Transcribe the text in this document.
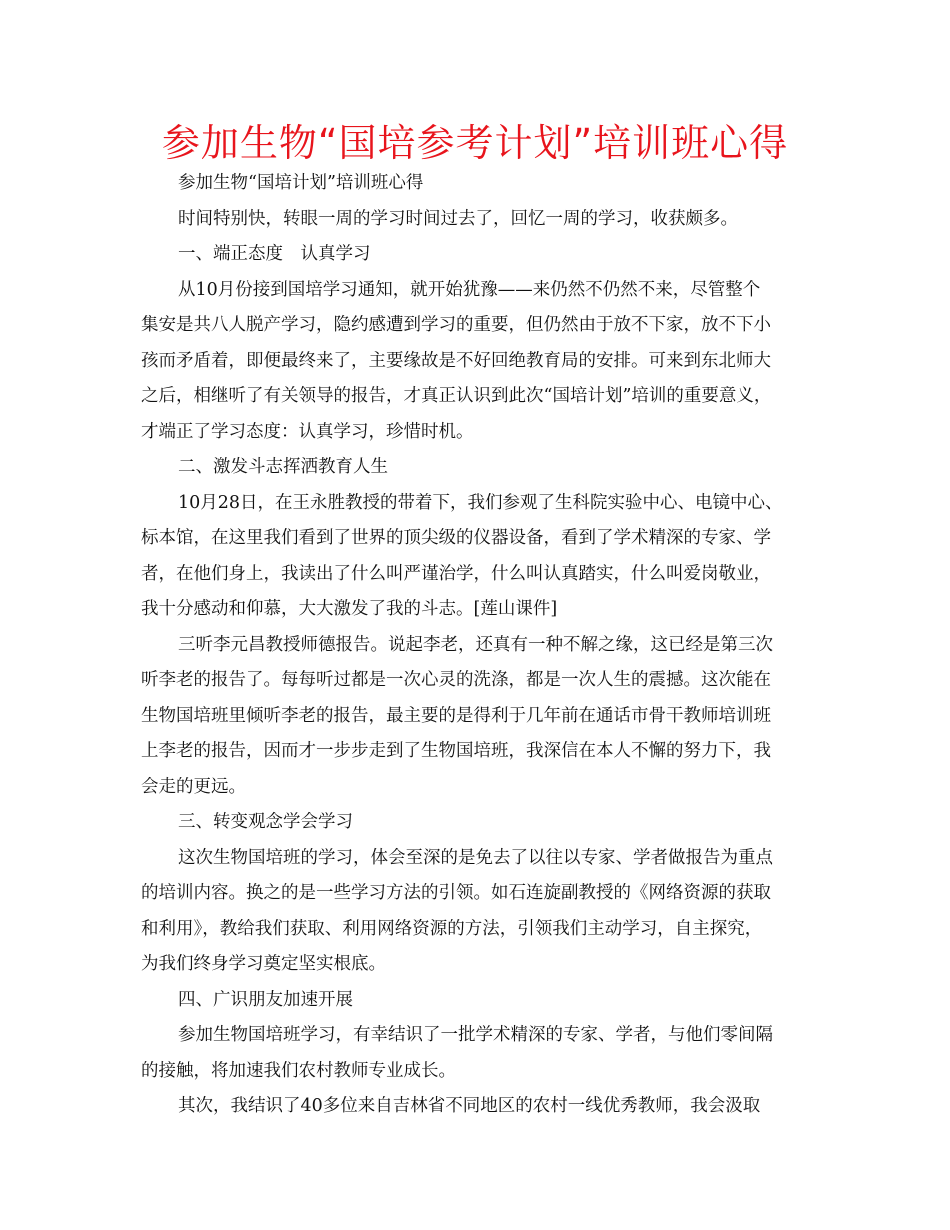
参加生物“国培参考计划”培训班心得
参加生物“国培计划”培训班心得
时间特别快，转眼一周的学习时间过去了，回忆一周的学习，收获颇多。
一、端正态度　认真学习
从10月份接到国培学习通知，就开始犹豫——来仍然不仍然不来，尽管整个
集安是共八人脱产学习，隐约感遭到学习的重要，但仍然由于放不下家，放不下小
孩而矛盾着，即便最终来了，主要缘故是不好回绝教育局的安排。可来到东北师大
之后，相继听了有关领导的报告，才真正认识到此次“国培计划”培训的重要意义，
才端正了学习态度：认真学习，珍惜时机。
二、激发斗志挥洒教育人生
10月28日，在王永胜教授的带着下，我们参观了生科院实验中心、电镜中心、
标本馆，在这里我们看到了世界的顶尖级的仪器设备，看到了学术精深的专家、学
者，在他们身上，我读出了什么叫严谨治学，什么叫认真踏实，什么叫爱岗敬业，
我十分感动和仰慕，大大激发了我的斗志。[莲山课件]
三听李元昌教授师德报告。说起李老，还真有一种不解之缘，这已经是第三次
听李老的报告了。每每听过都是一次心灵的洗涤，都是一次人生的震撼。这次能在
生物国培班里倾听李老的报告，最主要的是得利于几年前在通话市骨干教师培训班
上李老的报告，因而才一步步走到了生物国培班，我深信在本人不懈的努力下，我
会走的更远。
三、转变观念学会学习
这次生物国培班的学习，体会至深的是免去了以往以专家、学者做报告为重点
的培训内容。换之的是一些学习方法的引领。如石连旋副教授的《网络资源的获取
和利用》，教给我们获取、利用网络资源的方法，引领我们主动学习，自主探究，
为我们终身学习奠定坚实根底。
四、广识朋友加速开展
参加生物国培班学习，有幸结识了一批学术精深的专家、学者，与他们零间隔
的接触，将加速我们农村教师专业成长。
其次，我结识了40多位来自吉林省不同地区的农村一线优秀教师，我会汲取
